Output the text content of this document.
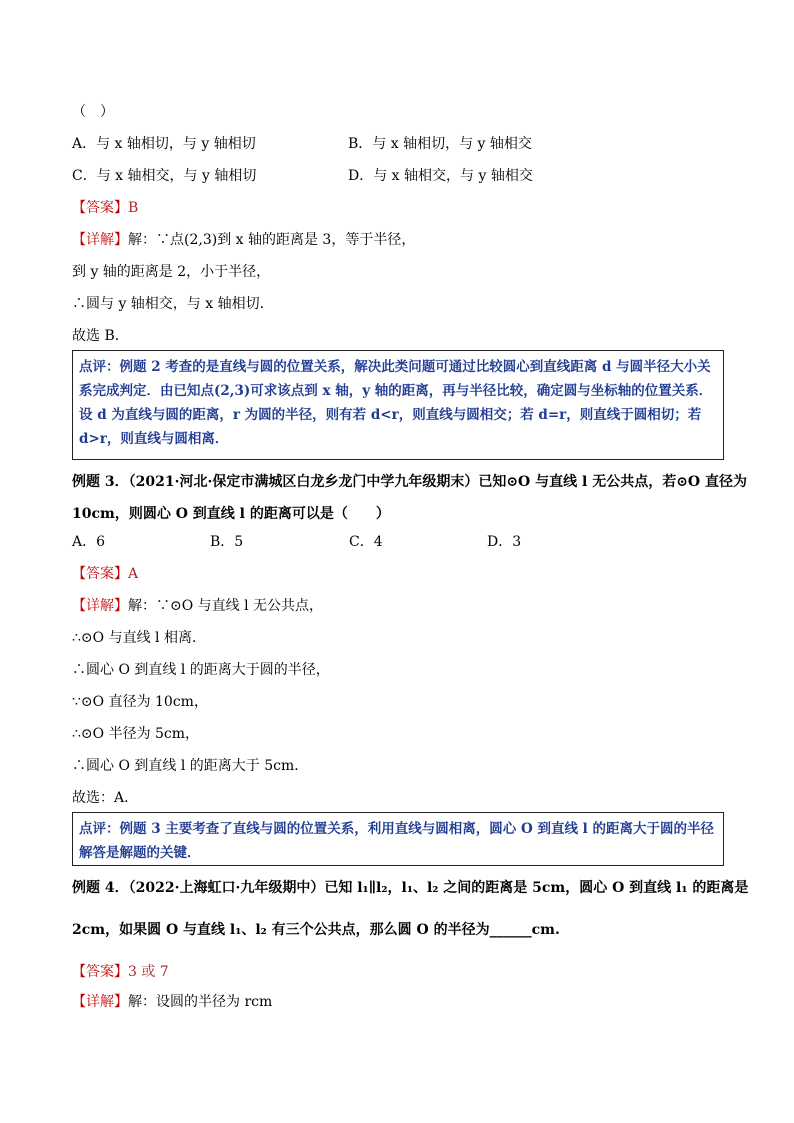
（　）
A．与 x 轴相切，与 y 轴相切	B．与 x 轴相切，与 y 轴相交
C．与 x 轴相交，与 y 轴相切	D．与 x 轴相交，与 y 轴相交
【答案】B
【详解】解：∵点(2,3)到 x 轴的距离是 3，等于半径，
到 y 轴的距离是 2，小于半径，
∴圆与 y 轴相交，与 x 轴相切．
故选 B．
点评：例题 2 考查的是直线与圆的位置关系，解决此类问题可通过比较圆心到直线距离 d 与圆半径大小关系完成判定．由已知点(2,3)可求该点到 x 轴，y 轴的距离，再与半径比较，确定圆与坐标轴的位置关系．设 d 为直线与圆的距离，r 为圆的半径，则有若 d<r，则直线与圆相交；若 d=r，则直线于圆相切；若 d>r，则直线与圆相离．
例题 3．（2021·河北·保定市满城区白龙乡龙门中学九年级期末）已知⊙O 与直线 l 无公共点，若⊙O 直径为
10cm，则圆心 O 到直线 l 的距离可以是（　　）
A．6	B．5	C．4	D．3
【答案】A
【详解】解：∵⊙O 与直线 l 无公共点，
∴⊙O 与直线 l 相离．
∴圆心 O 到直线 l 的距离大于圆的半径，
∵⊙O 直径为 10cm，
∴⊙O 半径为 5cm，
∴圆心 O 到直线 l 的距离大于 5cm．
故选：A．
点评：例题 3 主要考查了直线与圆的位置关系，利用直线与圆相离，圆心 O 到直线 l 的距离大于圆的半径解答是解题的关键．
例题 4．（2022·上海虹口·九年级期中）已知 l₁∥l₂，l₁、l₂ 之间的距离是 5cm，圆心 O 到直线 l₁ 的距离是
2cm，如果圆 O 与直线 l₁、l₂ 有三个公共点，那么圆 O 的半径为______cm.
【答案】3 或 7
【详解】解：设圆的半径为 rcm
